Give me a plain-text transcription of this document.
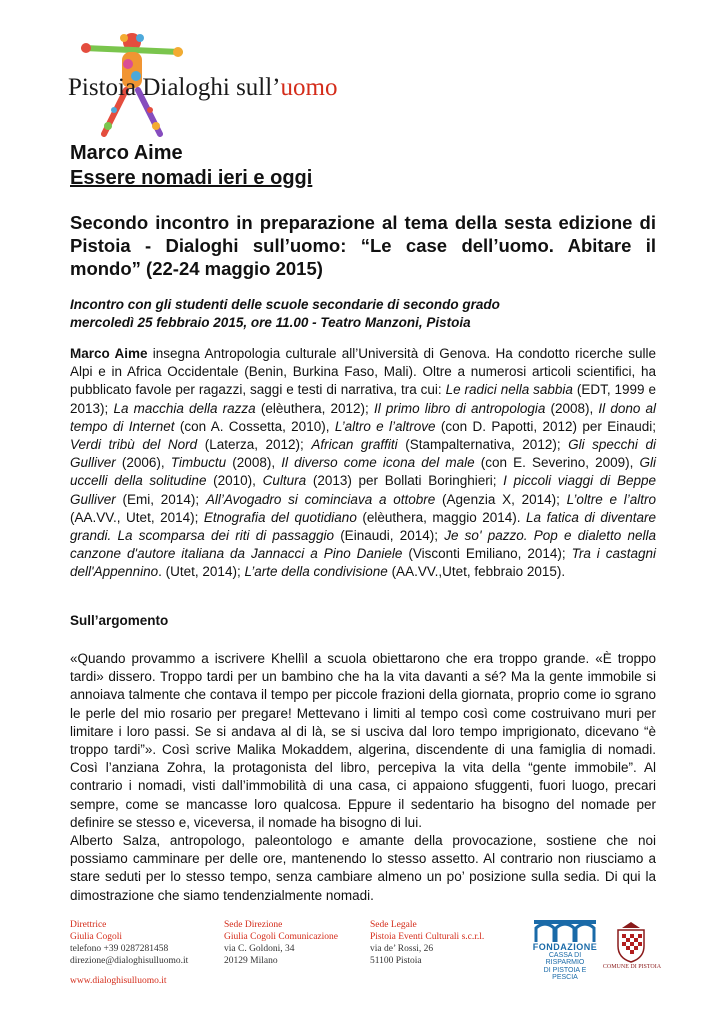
Pistoia Dialoghi sull’uomo
Marco Aime
Essere nomadi ieri e oggi
Secondo incontro in preparazione al tema della sesta edizione di Pistoia - Dialoghi sull’uomo: “Le case dell’uomo. Abitare il mondo” (22-24 maggio 2015)
Incontro con gli studenti delle scuole secondarie di secondo grado
mercoledì 25 febbraio 2015, ore 11.00 - Teatro Manzoni, Pistoia
Marco Aime insegna Antropologia culturale all’Università di Genova. Ha condotto ricerche sulle Alpi e in Africa Occidentale (Benin, Burkina Faso, Mali). Oltre a numerosi articoli scientifici, ha pubblicato favole per ragazzi, saggi e testi di narrativa, tra cui: Le radici nella sabbia (EDT, 1999 e 2013); La macchia della razza (elèuthera, 2012); Il primo libro di antropologia (2008), Il dono al tempo di Internet (con A. Cossetta, 2010), L’altro e l’altrove (con D. Papotti, 2012) per Einaudi; Verdi tribù del Nord (Laterza, 2012); African graffiti (Stampalternativa, 2012); Gli specchi di Gulliver (2006), Timbuctu (2008), Il diverso come icona del male (con E. Severino, 2009), Gli uccelli della solitudine (2010), Cultura (2013) per Bollati Boringhieri; I piccoli viaggi di Beppe Gulliver (Emi, 2014); All’Avogadro si cominciava a ottobre (Agenzia X, 2014); L’oltre e l’altro (AA.VV., Utet, 2014); Etnografia del quotidiano (elèuthera, maggio 2014). La fatica di diventare grandi. La scomparsa dei riti di passaggio (Einaudi, 2014); Je so' pazzo. Pop e dialetto nella canzone d'autore italiana da Jannacci a Pino Daniele (Visconti Emiliano, 2014); Tra i castagni dell'Appennino. (Utet, 2014); L’arte della condivisione (AA.VV.,Utet, febbraio 2015).
Sull’argomento

«Quando provammo a iscrivere Khellìl a scuola obiettarono che era troppo grande. «È troppo tardi» dissero. Troppo tardi per un bambino che ha la vita davanti a sé? Ma la gente immobile si annoiava talmente che contava il tempo per piccole frazioni della giornata, proprio come io sgrano le perle del mio rosario per pregare! Mettevano i limiti al tempo così come costruivano muri per limitare i loro passi. Se si andava al di là, se si usciva dal loro tempo imprigionato, dicevano “è troppo tardi”». Così scrive Malika Mokaddem, algerina, discendente di una famiglia di nomadi. Così l’anziana Zohra, la protagonista del libro, percepiva la vita della “gente immobile”. Al contrario i nomadi, visti dall’immobilità di una casa, ci appaiono sfuggenti, fuori luogo, precari sempre, come se mancasse loro qualcosa. Eppure il sedentario ha bisogno del nomade per definire se stesso e, viceversa, il nomade ha bisogno di lui.

Alberto Salza, antropologo, paleontologo e amante della provocazione, sostiene che noi possiamo camminare per delle ore, mantenendo lo stesso assetto. Al contrario non riusciamo a stare seduti per lo stesso tempo, senza cambiare almeno un po’ posizione sulla sedia. Di qui la dimostrazione che siamo tendenzialmente nomadi.

Direttrice
Giulia Cogoli
telefono +39 0287281458
direzione@dialoghisulluomo.it
Sede Direzione
Giulia Cogoli Comunicazione
via C. Goldoni, 34
20129 Milano
Sede Legale
Pistoia Eventi Culturali s.c.r.l.
via de’ Rossi, 26
51100 Pistoia
www.dialoghisulluomo.it
FONDAZIONE
CASSA DI RISPARMIO
DI PISTOIA E PESCIA
COMUNE DI PISTOIA
